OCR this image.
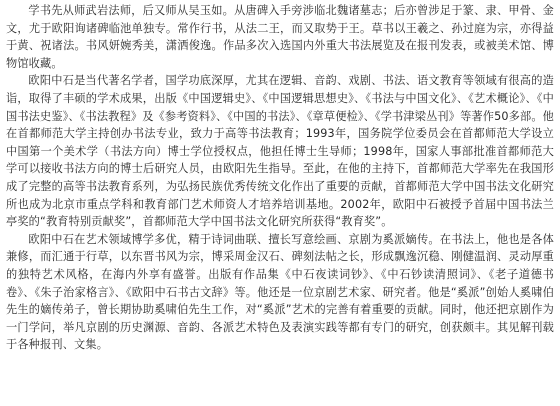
学书先从师武岩法师，后又师从吴玉如。从唐碑入手旁涉临北魏诸墓志；后亦曾涉足于篆、隶、甲骨、金文，尤于欧阳询诸碑临池单独专。常作行书，从法二王，而又取势于王。草书以王羲之、孙过庭为宗，亦得益于黄、祝诸法。书风妍婉秀美，潇洒俊逸。作品多次入选国内外重大书法展览及在报刊发表，或被美术馆、博物馆收藏。

欧阳中石是当代著名学者，国学功底深厚，尤其在逻辑、音韵、戏剧、书法、语文教育等领域有很高的造诣，取得了丰硕的学术成果，出版《中国逻辑史》、《中国逻辑思想史》、《书法与中国文化》、《艺术概论》、《中国书法史鉴》、《书法教程》及《参考资料》、《中国的书法》、《章草便检》、《学书津梁丛刊》等著作50多部。他在首都师范大学主持创办书法专业，致力于高等书法教育；1993年，国务院学位委员会在首都师范大学设立中国第一个美术学（书法方向）博士学位授权点，他担任博士生导师；1998年，国家人事部批准首都师范大学可以接收书法方向的博士后研究人员，由欧阳先生指导。至此，在他的主持下，首都师范大学率先在我国形成了完整的高等书法教育系列，为弘扬民族优秀传统文化作出了重要的贡献，首都师范大学中国书法文化研究所也成为北京市重点学科和教育部门艺术师资人才培养培训基地。2002年，欧阳中石被授予首届中国书法兰亭奖的“教育特别贡献奖”，首都师范大学中国书法文化研究所获得“教育奖”。

欧阳中石在艺术领域博学多优，精于诗词曲联、擅长写意绘画、京剧为奚派嫡传。在书法上，他也是各体兼修，而汇通于行草，以东晋书风为宗，博采周金汉石、碑刻法帖之长，形成飘逸沉稳、刚健温润、灵动厚重的独特艺术风格，在海内外享有盛誉。出版有作品集《中石夜读词钞》、《中石钞读清照词》、《老子道德书卷》、《朱子治家格言》、《欧阳中石书古文辞》等。他还是一位京剧艺术家、研究者。他是“奚派”创始人奚啸伯先生的嫡传弟子，曾长期协助奚啸伯先生工作，对“奚派”艺术的完善有着重要的贡献。同时，他还把京剧作为一门学问，举凡京剧的历史渊源、音韵、各派艺术特色及表演实践等都有专门的研究，创获颇丰。其见解刊载于各种报刊、文集。
